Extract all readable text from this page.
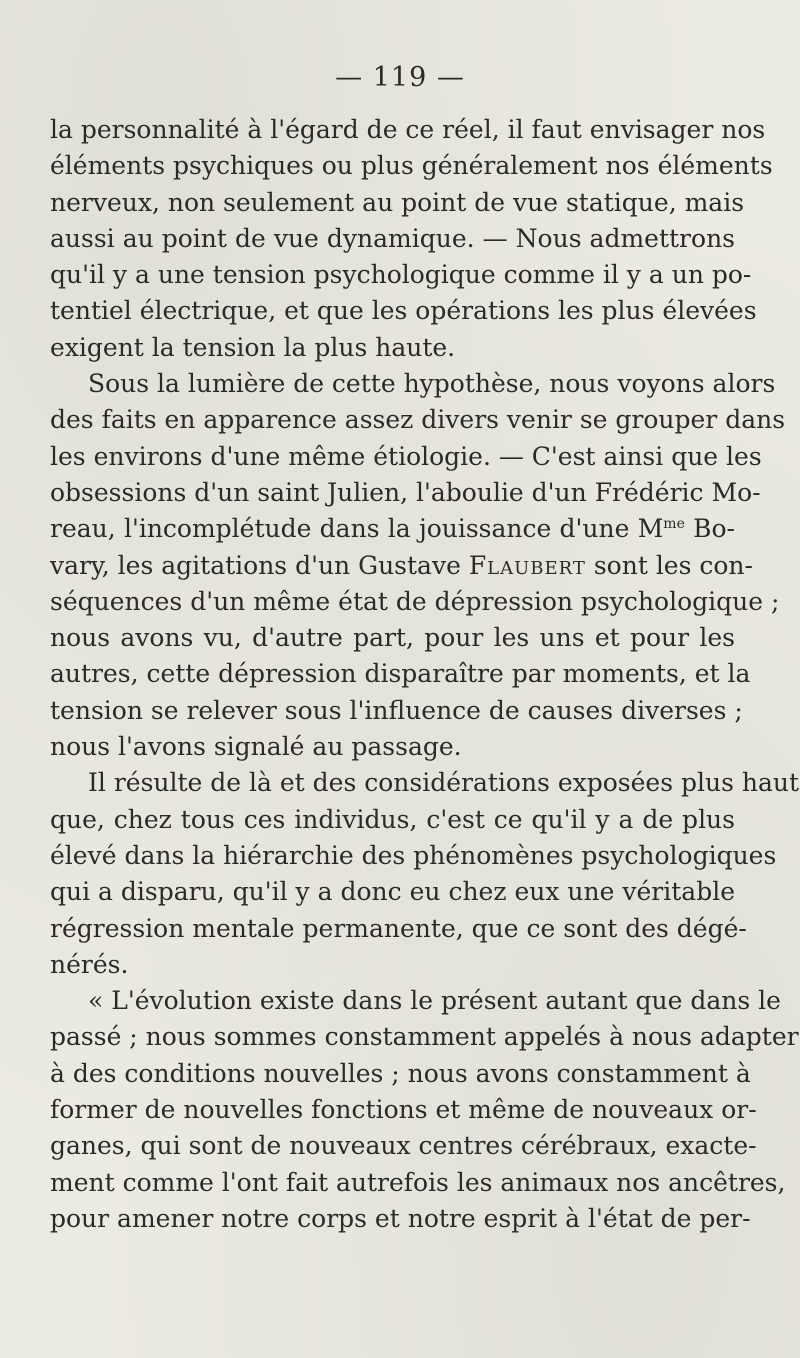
— 119 —
la personnalité à l'égard de ce réel, il faut envisager nos
éléments psychiques ou plus généralement nos éléments
nerveux, non seulement au point de vue statique, mais
aussi au point de vue dynamique. — Nous admettrons
qu'il y a une tension psychologique comme il y a un po-
tentiel électrique, et que les opérations les plus élevées
exigent la tension la plus haute.
Sous la lumière de cette hypothèse, nous voyons alors
des faits en apparence assez divers venir se grouper dans
les environs d'une même étiologie. — C'est ainsi que les
obsessions d'un saint Julien, l'aboulie d'un Frédéric Mo-
reau, l'incomplétude dans la jouissance d'une $M^{me}$ Bo-
vary, les agitations d'un Gustave Flaubert sont les con-
séquences d'un même état de dépression psychologique ;
nous avons vu, d'autre part, pour les uns et pour les
autres, cette dépression disparaître par moments, et la
tension se relever sous l'influence de causes diverses ;
nous l'avons signalé au passage.
Il résulte de là et des considérations exposées plus haut
que, chez tous ces individus, c'est ce qu'il y a de plus
élevé dans la hiérarchie des phénomènes psychologiques
qui a disparu, qu'il y a donc eu chez eux une véritable
régression mentale permanente, que ce sont des dégé-
nérés.
« L'évolution existe dans le présent autant que dans le
passé ; nous sommes constamment appelés à nous adapter
à des conditions nouvelles ; nous avons constamment à
former de nouvelles fonctions et même de nouveaux or-
ganes, qui sont de nouveaux centres cérébraux, exacte-
ment comme l'ont fait autrefois les animaux nos ancêtres,
pour amener notre corps et notre esprit à l'état de per-
